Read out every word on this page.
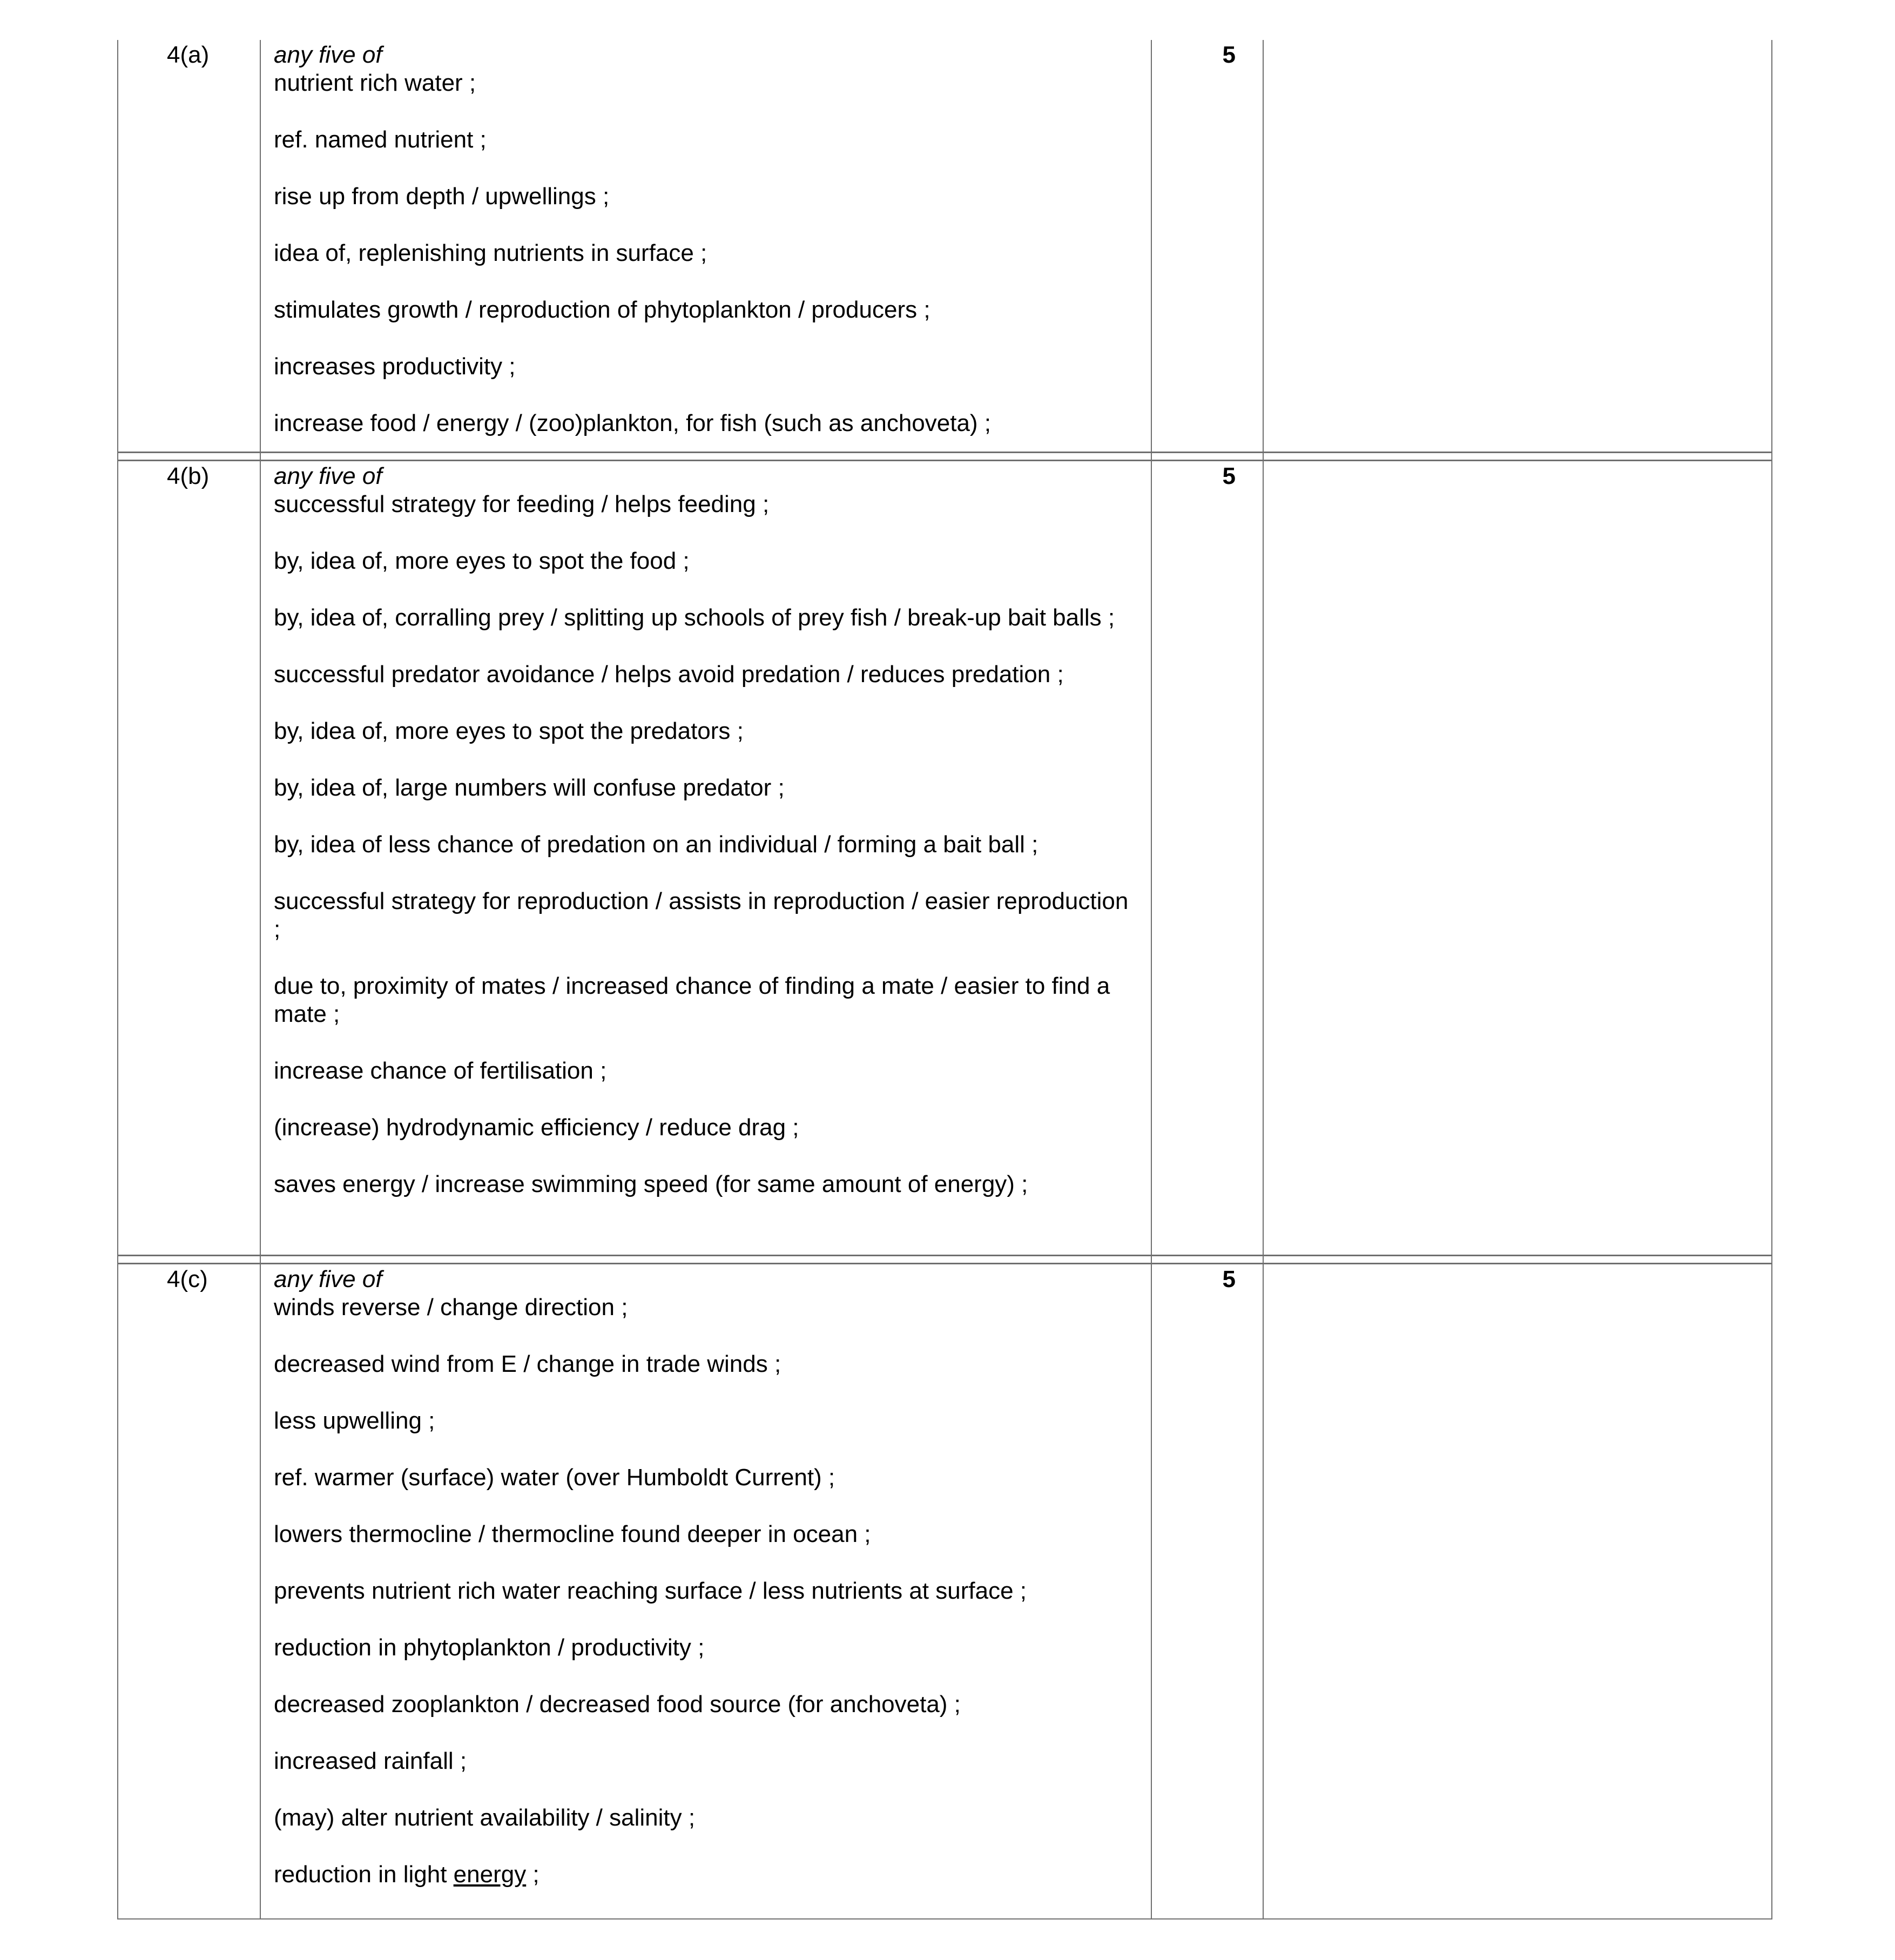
4(a)	any five of

nutrient rich water ;

ref. named nutrient ;

rise up from depth / upwellings ;

idea of, replenishing nutrients in surface ;

stimulates growth / reproduction of phytoplankton / producers ;

increases productivity ;

increase food / energy / (zoo)plankton, for fish (such as anchoveta) ;

5
4(b)	any five of

successful strategy for feeding / helps feeding ;

by, idea of, more eyes to spot the food ;

by, idea of, corralling prey / splitting up schools of prey fish / break-up bait balls ;

successful predator avoidance / helps avoid predation / reduces predation ;

by, idea of, more eyes to spot the predators ;

by, idea of, large numbers will confuse predator ;

by, idea of less chance of predation on an individual / forming a bait ball ;

successful strategy for reproduction / assists in reproduction / easier reproduction ;

due to, proximity of mates / increased chance of finding a mate / easier to find a mate ;

increase chance of fertilisation ;

(increase) hydrodynamic efficiency / reduce drag ;

saves energy / increase swimming speed (for same amount of energy) ;

5
4(c)	any five of

winds reverse / change direction ;

decreased wind from E / change in trade winds ;

less upwelling ;

ref. warmer (surface) water (over Humboldt Current) ;

lowers thermocline / thermocline found deeper in ocean ;

prevents nutrient rich water reaching surface / less nutrients at surface ;

reduction in phytoplankton / productivity ;

decreased zooplankton / decreased food source (for anchoveta) ;

increased rainfall ;

(may) alter nutrient availability / salinity ;

reduction in light energy ;

5
